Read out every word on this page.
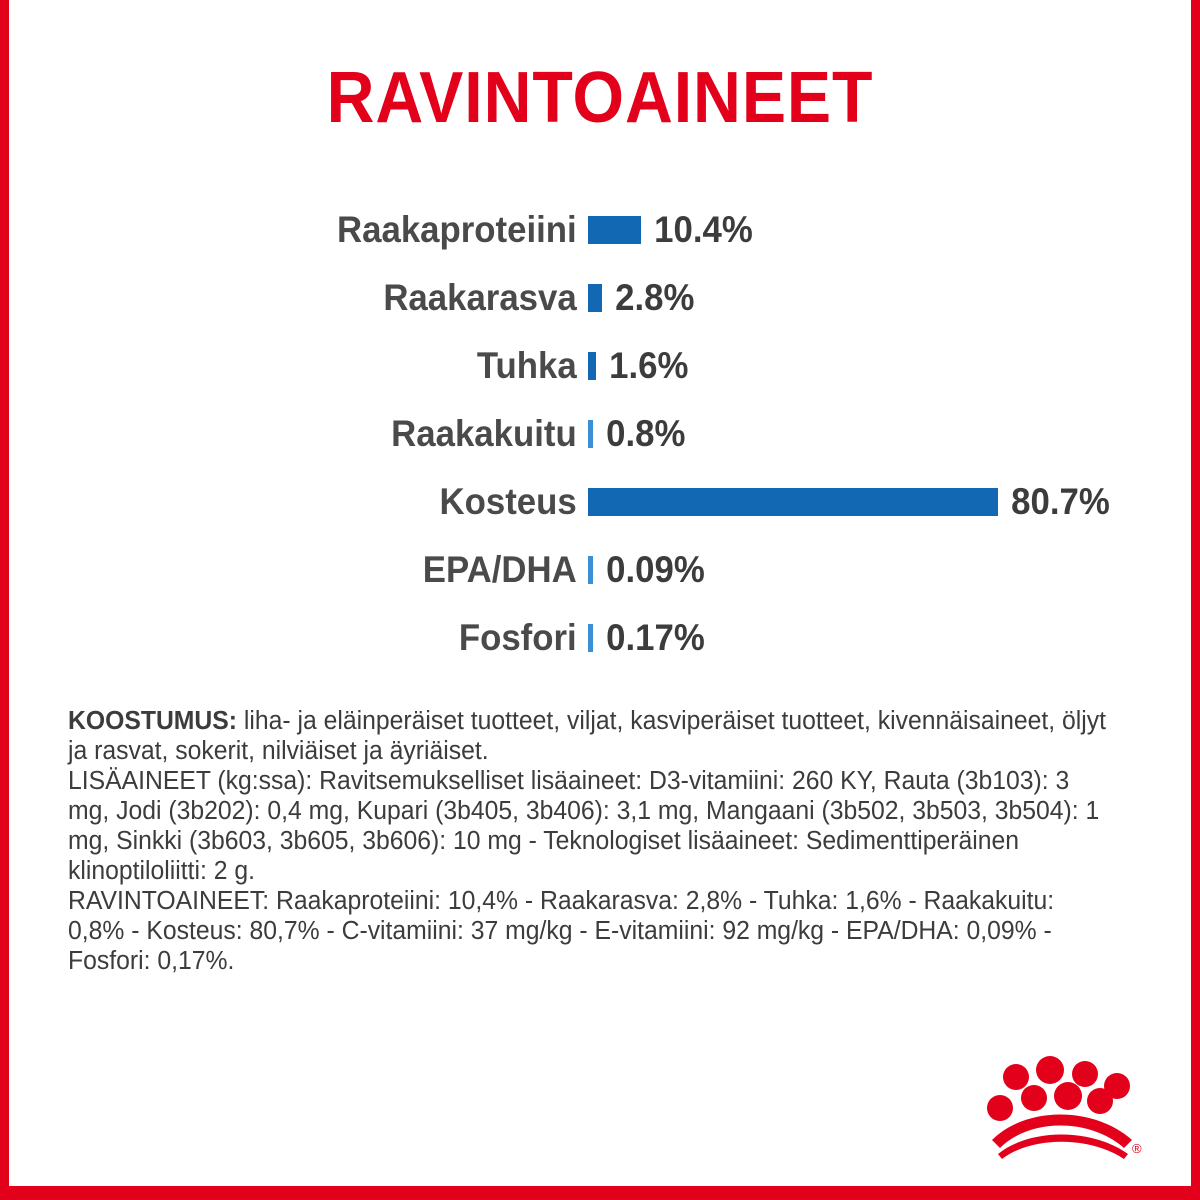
RAVINTOAINEET
Raakaproteiini	10.4%
Raakarasva	2.8%
Tuhka 1.6%
Raakakuitu 0.8%
Kosteus	80.7%
EPA/DHA 0.09%
Fosfori 0.17%

KOOSTUMUS: liha- ja eläinperäiset tuotteet, viljat, kasviperäiset tuotteet, kivennäisaineet, öljyt ja rasvat, sokerit, nilviäiset ja äyriäiset.

LISÄAINEET (kg:ssa): Ravitsemukselliset lisäaineet: D3-vitamiini: 260 KY, Rauta (3b103): 3 mg, Jodi (3b202): 0,4 mg, Kupari (3b405, 3b406): 3,1 mg, Mangaani (3b502, 3b503, 3b504): 1 mg, Sinkki (3b603, 3b605, 3b606): 10 mg - Teknologiset lisäaineet: Sedimenttiperäinen klinoptiloliitti: 2 g.

RAVINTOAINEET: Raakaproteiini: 10,4% - Raakarasva: 2,8% - Tuhka: 1,6% - Raakakuitu: 0,8% - Kosteus: 80,7% - C-vitamiini: 37 mg/kg - E-vitamiini: 92 mg/kg - EPA/DHA: 0,09% - Fosfori: 0,17%.

®
